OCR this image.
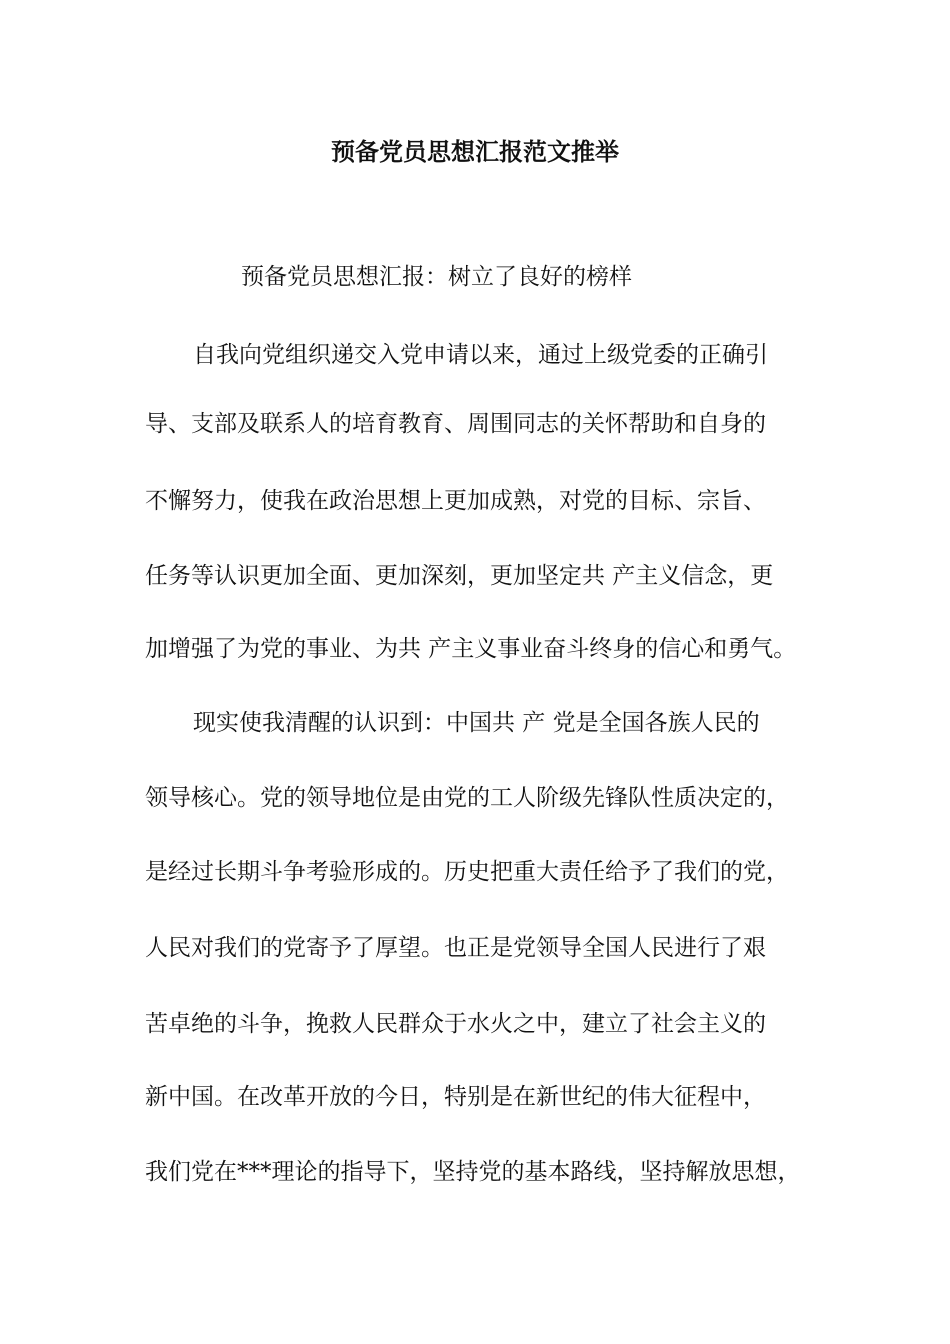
预备党员思想汇报范文推举
预备党员思想汇报：树立了良好的榜样
自我向党组织递交入党申请以来，通过上级党委的正确引
导、支部及联系人的培育教育、周围同志的关怀帮助和自身的
不懈努力，使我在政治思想上更加成熟，对党的目标、宗旨、
任务等认识更加全面、更加深刻，更加坚定共 产主义信念，更
加增强了为党的事业、为共 产主义事业奋斗终身的信心和勇气。
现实使我清醒的认识到：中国共 产 党是全国各族人民的
领导核心。党的领导地位是由党的工人阶级先锋队性质决定的，
是经过长期斗争考验形成的。历史把重大责任给予了我们的党，
人民对我们的党寄予了厚望。也正是党领导全国人民进行了艰
苦卓绝的斗争，挽救人民群众于水火之中，建立了社会主义的
新中国。在改革开放的今日，特别是在新世纪的伟大征程中，
我们党在***理论的指导下，坚持党的基本路线，坚持解放思想，
